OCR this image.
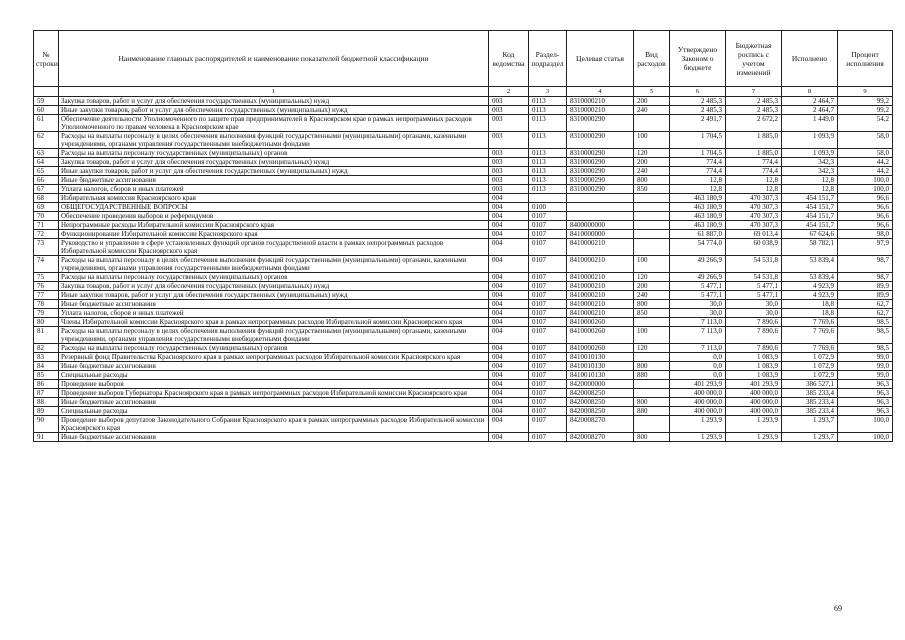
№ строки	Наименование главных распорядителей и наименование показателей бюджетной классификации	Код ведомства	Раздел-подраздел	Целевая статья	Вид расходов	Утверждено Законом о бюджете	Бюджетная роспись с учетом изменений	Исполнено	Процент исполнения
	1	2	3	4	5	6	7	8	9
59	Закупка товаров, работ и услуг для обеспечения государственных (муниципальных) нужд	003	0113	8310000210	200	2 485,3	2 485,3	2 464,7	99,2
60	Иные закупки товаров, работ и услуг для обеспечения государственных (муниципальных) нужд	003	0113	8310000210	240	2 485,3	2 485,3	2 464,7	99,2
61	Обеспечение деятельности Уполномоченного по защите прав предпринимателей в Красноярском крае в рамках непрограммных расходов Уполномоченного по правам человека в Красноярском крае	003	0113	8310000290		2 491,7	2 672,2	1 449,0	54,2
62	Расходы на выплаты персоналу в целях обеспечения выполнения функций государственными (муниципальными) органами, казенными учреждениями, органами управления государственными внебюджетными фондами	003	0113	8310000290	100	1 704,5	1 885,0	1 093,9	58,0
63	Расходы на выплаты персоналу государственных (муниципальных) органов	003	0113	8310000290	120	1 704,5	1 885,0	1 093,9	58,0
64	Закупка товаров, работ и услуг для обеспечения государственных (муниципальных) нужд	003	0113	8310000290	200	774,4	774,4	342,3	44,2
65	Иные закупки товаров, работ и услуг для обеспечения государственных (муниципальных) нужд	003	0113	8310000290	240	774,4	774,4	342,3	44,2
66	Иные бюджетные ассигнования	003	0113	8310000290	800	12,8	12,8	12,8	100,0
67	Уплата налогов, сборов и иных платежей	003	0113	8310000290	850	12,8	12,8	12,8	100,0
68	Избирательная комиссия Красноярского края	004				463 180,9	470 307,3	454 151,7	96,6
69	ОБЩЕГОСУДАРСТВЕННЫЕ ВОПРОСЫ	004	0100			463 180,9	470 307,3	454 151,7	96,6
70	Обеспечение проведения выборов и референдумов	004	0107			463 180,9	470 307,3	454 151,7	96,6
71	Непрограммные расходы Избирательной комиссии Красноярского края	004	0107	8400000000		463 180,9	470 307,3	454 151,7	96,6
72	Функционирование Избирательной комиссии Красноярского края	004	0107	8410000000		61 887,0	69 013,4	67 624,6	98,0
73	Руководство и управление в сфере установленных функций органов государственной власти в рамках непрограммных расходов Избирательной комиссии Красноярского края	004	0107	8410000210		54 774,0	60 038,9	58 782,1	97,9
74	Расходы на выплаты персоналу в целях обеспечения выполнения функций государственными (муниципальными) органами, казенными учреждениями, органами управления государственными внебюджетными фондами	004	0107	8410000210	100	49 266,9	54 531,8	53 839,4	98,7
75	Расходы на выплаты персоналу государственных (муниципальных) органов	004	0107	8410000210	120	49 266,9	54 531,8	53 839,4	98,7
76	Закупка товаров, работ и услуг для обеспечения государственных (муниципальных) нужд	004	0107	8410000210	200	5 477,1	5 477,1	4 923,9	89,9
77	Иные закупки товаров, работ и услуг для обеспечения государственных (муниципальных) нужд	004	0107	8410000210	240	5 477,1	5 477,1	4 923,9	89,9
78	Иные бюджетные ассигнования	004	0107	8410000210	800	30,0	30,0	18,8	62,7
79	Уплата налогов, сборов и иных платежей	004	0107	8410000210	850	30,0	30,0	18,8	62,7
80	Члены Избирательной комиссии Красноярского края в рамках непрограммных расходов Избирательной комиссии Красноярского края	004	0107	8410000260		7 113,0	7 890,6	7 769,6	98,5
81	Расходы на выплаты персоналу в целях обеспечения выполнения функций государственными (муниципальными) органами, казенными учреждениями, органами управления государственными внебюджетными фондами	004	0107	8410000260	100	7 113,0	7 890,6	7 769,6	98,5
82	Расходы на выплаты персоналу государственных (муниципальных) органов	004	0107	8410000260	120	7 113,0	7 890,6	7 769,6	98,5
83	Резервный фонд Правительства Красноярского края в рамках непрограммных расходов Избирательной комиссии Красноярского края	004	0107	8410010130		0,0	1 083,9	1 072,9	99,0
84	Иные бюджетные ассигнования	004	0107	8410010130	800	0,0	1 083,9	1 072,9	99,0
85	Специальные расходы	004	0107	8410010130	880	0,0	1 083,9	1 072,9	99,0
86	Проведение выборов	004	0107	8420000000		401 293,9	401 293,9	386 527,1	96,3
87	Проведение выборов Губернатора Красноярского края в рамках непрограммных расходов Избирательной комиссии Красноярского края	004	0107	8420008250		400 000,0	400 000,0	385 233,4	96,3
88	Иные бюджетные ассигнования	004	0107	8420008250	800	400 000,0	400 000,0	385 233,4	96,3
89	Специальные расходы	004	0107	8420008250	880	400 000,0	400 000,0	385 233,4	96,3
90	Проведение выборов депутатов Законодательного Собрания Красноярского края в рамках непрограммных расходов Избирательной комиссии Красноярского края	004	0107	8420008270		1 293,9	1 293,9	1 293,7	100,0
91	Иные бюджетные ассигнования	004	0107	8420008270	800	1 293,9	1 293,9	1 293,7	100,0
69
